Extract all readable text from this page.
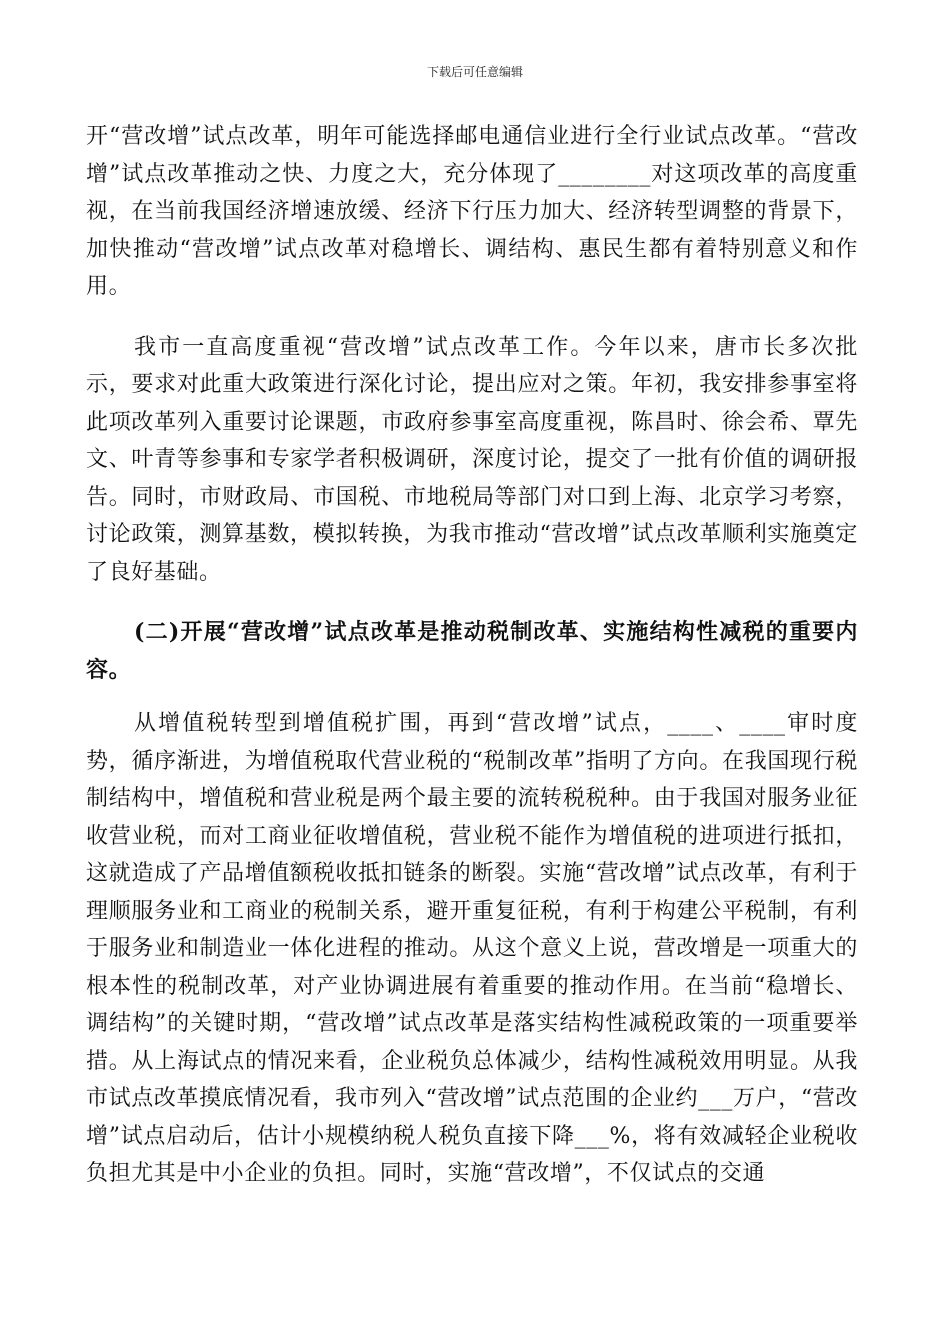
下载后可任意编辑

开“营改增”试点改革，明年可能选择邮电通信业进行全行业试点改革。“营改增”试点改革推动之快、力度之大，充分体现了________对这项改革的高度重视，在当前我国经济增速放缓、经济下行压力加大、经济转型调整的背景下，加快推动“营改增”试点改革对稳增长、调结构、惠民生都有着特别意义和作用。

我市一直高度重视“营改增”试点改革工作。今年以来，唐市长多次批示，要求对此重大政策进行深化讨论，提出应对之策。年初，我安排参事室将此项改革列入重要讨论课题，市政府参事室高度重视，陈昌时、徐会希、覃先文、叶青等参事和专家学者积极调研，深度讨论，提交了一批有价值的调研报告。同时，市财政局、市国税、市地税局等部门对口到上海、北京学习考察，讨论政策，测算基数，模拟转换，为我市推动“营改增”试点改革顺利实施奠定了良好基础。

(二)开展“营改增”试点改革是推动税制改革、实施结构性减税的重要内容。

从增值税转型到增值税扩围，再到“营改增”试点，____、____审时度势，循序渐进，为增值税取代营业税的“税制改革”指明了方向。在我国现行税制结构中，增值税和营业税是两个最主要的流转税税种。由于我国对服务业征收营业税，而对工商业征收增值税，营业税不能作为增值税的进项进行抵扣，这就造成了产品增值额税收抵扣链条的断裂。实施“营改增”试点改革，有利于理顺服务业和工商业的税制关系，避开重复征税，有利于构建公平税制，有利于服务业和制造业一体化进程的推动。从这个意义上说，营改增是一项重大的根本性的税制改革，对产业协调进展有着重要的推动作用。在当前“稳增长、调结构”的关键时期，“营改增”试点改革是落实结构性减税政策的一项重要举措。从上海试点的情况来看，企业税负总体减少，结构性减税效用明显。从我市试点改革摸底情况看，我市列入“营改增”试点范围的企业约___万户，“营改增”试点启动后，估计小规模纳税人税负直接下降___%，将有效减轻企业税收负担尤其是中小企业的负担。同时，实施“营改增”，不仅试点的交通
